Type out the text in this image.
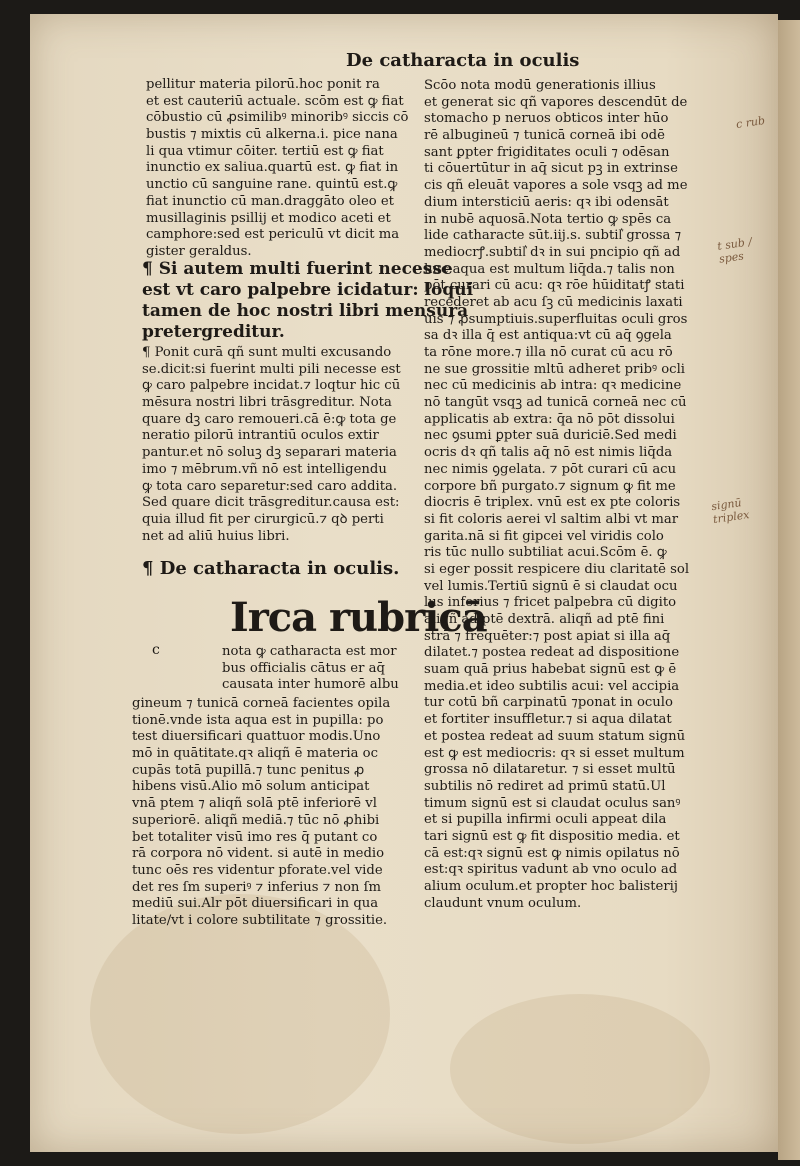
De catharacta in oculis
pellitur materia pilorū.hoc ponit ra
et est cauteriū actuale. scōm est ꝙ fiat
cōbustio cū ꝓsimilibꝰ minoribꝰ siccis cō
bustis ⁊ mixtis cū alkerna.i. pice nana
li qua vtimur cōiter. tertiū est ꝙ fiat
inunctio ex saliua.quartū est. ꝙ fiat in
unctio cū sanguine rane. quintū est.ꝙ
fiat inunctio cū man.draggāto oleo et
musillaginis psillij et modico aceti et
camphore:sed est periculū vt dicit ma
gister geraldus.
¶ Si autem multi fuerint necesse
est vt caro palpebre icidatur: loqui
tamen de hoc nostri libri mensura
pretergreditur.
¶ Ponit curā qñ sunt multi excusando
se.dicit:si fuerint multi pili necesse est
ꝙ caro palpebre incidat.⁊ loqtur hic cū
mēsura nostri libri trāsgreditur. Nota
quare dꝫ caro remoueri.cā ē:ꝙ tota ge
neratio pilorū intrantiū oculos extir
pantur.et nō soluꝫ dꝫ separari materia
imo ⁊ mēbrum.vñ nō est intelligendu
ꝙ tota caro separetur:sed caro addita.
Sed quare dicit trāsgreditur.causa est:
quia illud fit per cirurgicū.⁊ qꝺ perti
net ad aliū huius libri.
¶ De catharacta in oculis.
Irca rubricā
c	nota ꝙ catharacta est mor
bus officialis cātus er aq̄
causata inter humorē albu
gineum ⁊ tunicā corneā facientes opila
tionē.vnde ista aqua est in pupilla: po
test diuersificari quattuor modis.Uno
mō in quātitate.qꝛ aliqñ ē materia oc
cupās totā pupillā.⁊ tunc penitus ꝓ
hibens visū.Alio mō solum anticipat
vnā ptem ⁊ aliqñ solā ptē inferiorē vl
superiorē. aliqñ mediā.⁊ tūc nō ꝓhibi
bet totaliter visū imo res q̄ putant co
rā corpora nō vident. si autē in medio
tunc oēs res videntur pforate.vel vide
det res ſm superiꝰ ⁊ inferius ⁊ non ſm
mediū sui.Alr pōt diuersificari in qua
litate/vt i colore subtilitate ⁊ grossitie.
Scōo nota modū generationis illius
et generat sic qñ vapores descendūt de
stomacho p neruos obticos inter hūo
rē albugineū ⁊ tunicā corneā ibi odē
sant ꝑpter frigiditates oculi ⁊ odēsan
ti cōuertūtur in aq̄ sicut pꝫ in extrinse
cis qñ eleuāt vapores a sole vsqꝫ ad me
dium intersticiū aeris: qꝛ ibi odensāt
in nubē aquosā.Nota tertio ꝙ spēs ca
lide catharacte sūt.iij.s. subtil͛ grossa ⁊
mediocrꝭ.subtil͛ dꝛ in sui pncipio qñ ad
huc aqua est multum liq̄da.⁊ talis non
pōt curari cū acu: qꝛ rōe hūiditatꝭ stati
recederet ab acu ſꝫ cū medicinis laxati
uis ⁊ ꝓsumptiuis.superfluitas oculi gros
sa dꝛ illa q̄ est antiqua:vt cū aq̄ ꝯgela
ta rōne more.⁊ illa nō curat cū acu rō
ne sue grossitie mltū adheret pribꝰ ocli
nec cū medicinis ab intra: qꝛ medicine
nō tangūt vsqꝫ ad tunicā corneā nec cū
applicatis ab extra: q̄a nō pōt dissolui
nec ꝯsumi ꝑpter suā duriciē.Sed medi
ocris dꝛ qñ talis aq̄ nō est nimis liq̄da
nec nimis ꝯgelata. ⁊ pōt curari cū acu
corpore bñ purgato.⁊ signum ꝙ fit me
diocris ē triplex. vnū est ex pte coloris
si fit coloris aerei vl saltim albi vt mar
garita.nā si fit gipcei vel viridis colo
ris tūc nullo subtiliat acui.Scōm ē. ꝙ
si eger possit respicere diu claritatē sol
vel lumis.Tertiū signū ē si claudat ocu
lus inferius ⁊ fricet palpebra cū digito
aliqñ ad ptē dextrā. aliqñ ad ptē fini
strā ⁊ frequēter:⁊ post apiat si illa aq̄
dilatet.⁊ postea redeat ad dispositione
suam quā prius habebat signū est ꝙ ē
media.et ideo subtilis acui: vel accipia
tur cotū bñ carpinatū ⁊ponat in oculo
et fortiter insuffletur.⁊ si aqua dilatat
et postea redeat ad suum statum signū
est ꝙ est mediocris: qꝛ si esset multum
grossa nō dilataretur. ⁊ si esset multū
subtilis nō rediret ad primū statū.Ul
timum signū est si claudat oculus sanꝰ
et si pupilla infirmi oculi appeat dila
tari signū est ꝙ fit dispositio media. et
cā est:qꝛ signū est ꝙ nimis opilatus nō
est:qꝛ spiritus vadunt ab vno oculo ad
alium oculum.et propter hoc balisterij
claudunt vnum oculum.
c rub
t sub / spes
signū triplex
